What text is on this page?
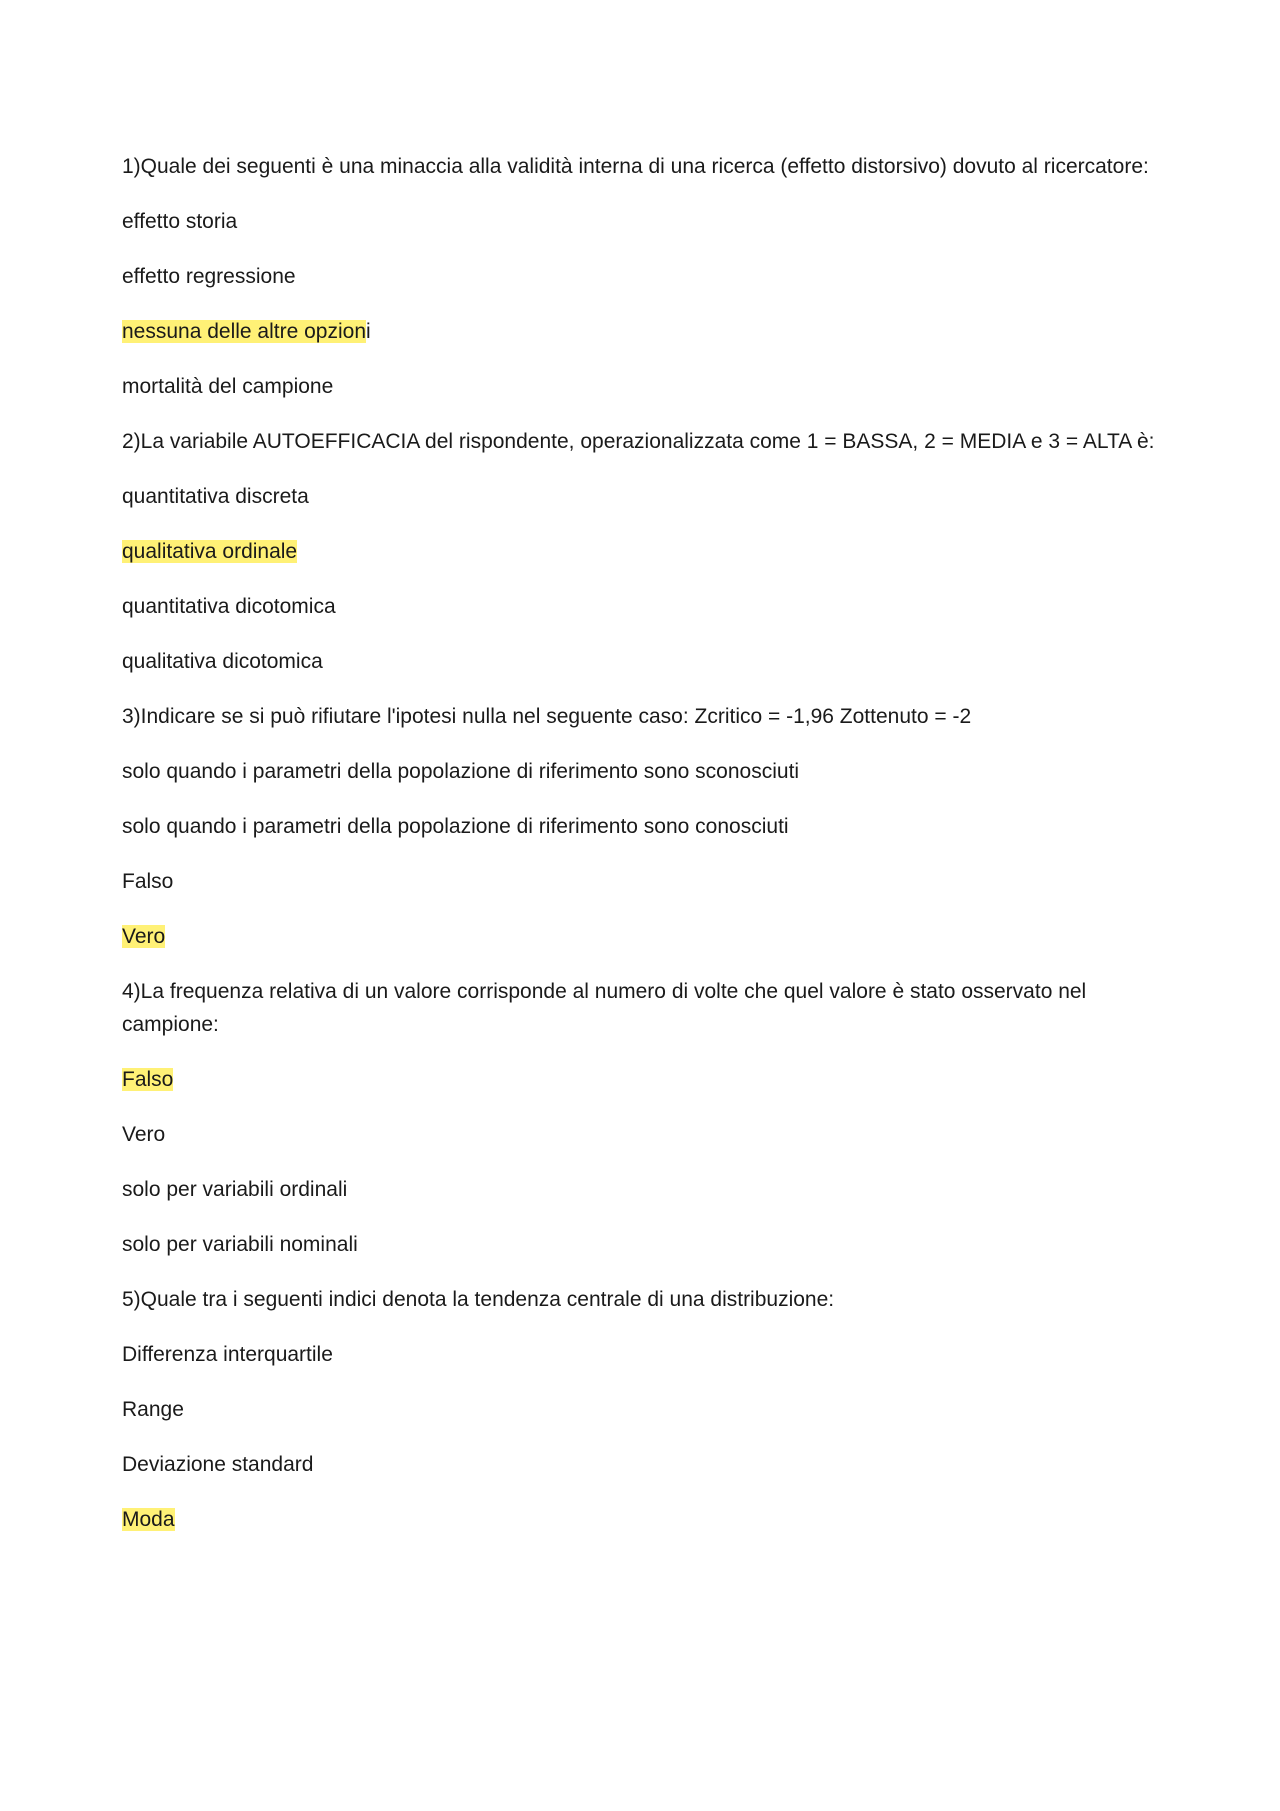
1)Quale dei seguenti è una minaccia alla validità interna di una ricerca (effetto distorsivo) dovuto al ricercatore:

effetto storia

effetto regressione

nessuna delle altre opzioni

mortalità del campione

2)La variabile AUTOEFFICACIA del rispondente, operazionalizzata come 1 = BASSA, 2 = MEDIA e 3 = ALTA è:

quantitativa discreta

qualitativa ordinale

quantitativa dicotomica

qualitativa dicotomica

3)Indicare se si può rifiutare l'ipotesi nulla nel seguente caso: Zcritico = -1,96 Zottenuto = -2

solo quando i parametri della popolazione di riferimento sono sconosciuti

solo quando i parametri della popolazione di riferimento sono conosciuti

Falso

Vero

4)La frequenza relativa di un valore corrisponde al numero di volte che quel valore è stato osservato nel campione:

Falso

Vero

solo per variabili ordinali

solo per variabili nominali

5)Quale tra i seguenti indici denota la tendenza centrale di una distribuzione:

Differenza interquartile

Range

Deviazione standard

Moda
